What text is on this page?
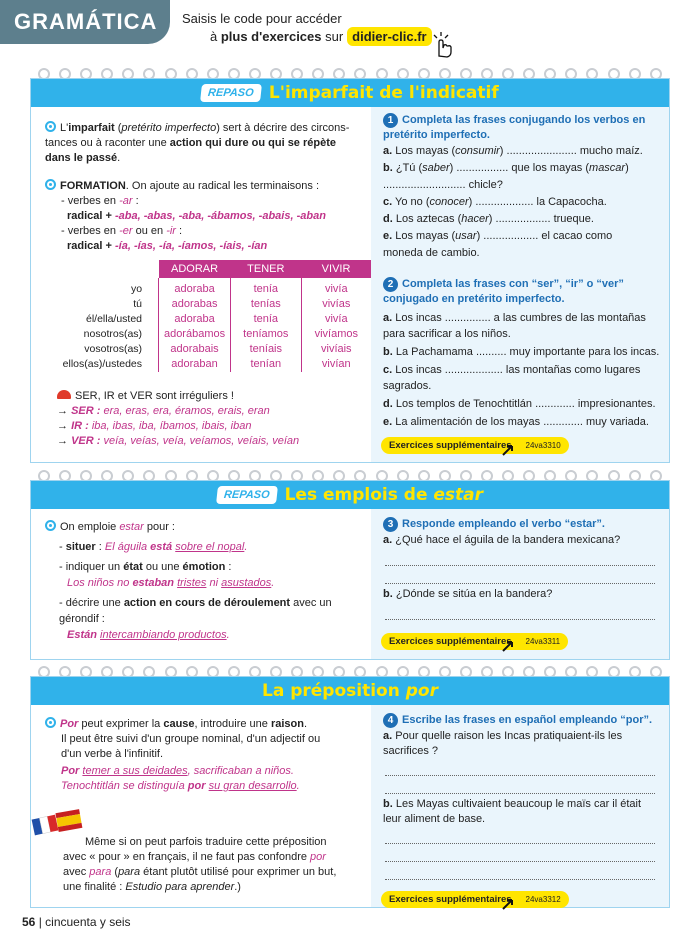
GRAMÁTICA Saisis le code pour accéder
à plus d'exercices sur didier-clic.fr
REPASO L'imparfait de l'indicatif
L'imparfait (pretérito imperfecto) sert à décrire des circons-tances ou à raconter une action qui dure ou qui se répète dans le passé.
FORMATION. On ajoute au radical les terminaisons :
- verbes en -ar :
radical + -aba, -abas, -aba, -ábamos, -abais, -aban
- verbes en -er ou en -ir :
radical + -ía, -ías, -ía, -íamos, -íais, -ían
	ADORAR	TENER	VIVIR
yo	adoraba	tenía	vivía
tú	adorabas	tenías	vivías
él/ella/usted	adoraba	tenía	vivía
nosotros(as)	adorábamos	teníamos	vivíamos
vosotros(as)	adorabais	teníais	vivíais
ellos(as)/ustedes	adoraban	tenían	vivían
SER, IR et VER sont irréguliers !
→ SER : era, eras, era, éramos, erais, eran
→ IR : iba, ibas, iba, íbamos, ibais, iban
→ VER : veía, veías, veía, veíamos, veíais, veían
1 Completa las frases conjugando los verbos en pretérito imperfecto.
a. Los mayas (consumir) ....................... mucho maíz.
b. ¿Tú (saber) ................. que los mayas (mascar)
........................... chicle?
c. Yo no (conocer) ................... la Capacocha.
d. Los aztecas (hacer) .................. trueque.
e. Los mayas (usar) .................. el cacao como
moneda de cambio.
2 Completa las frases con “ser”, “ir” o “ver” conjugado en pretérito imperfecto.
a. Los incas ............... a las cumbres de las montañas para sacrificar a los niños.
b. La Pachamama .......... muy importante para los incas.
c. Los incas ................... las montañas como lugares sagrados.
d. Los templos de Tenochtitlán ............. impresionantes.
e. La alimentación de los mayas ............. muy variada.
Exercices supplémentaires 24va3310
REPASO Les emplois de estar
On emploie estar pour :
- situer : El águila está sobre el nopal.
- indiquer un état ou une émotion :
Los niños no estaban tristes ni asustados.
- décrire une action en cours de déroulement avec un gérondif :
Están intercambiando productos.
3 Responde empleando el verbo “estar”.
a. ¿Qué hace el águila de la bandera mexicana?
b. ¿Dónde se sitúa en la bandera?
Exercices supplémentaires 24va3311
La préposition por
Por peut exprimer la cause, introduire une raison.
Il peut être suivi d'un groupe nominal, d'un adjectif ou d'un verbe à l'infinitif.
Por temer a sus deidades, sacrificaban a niños.
Tenochtitlán se distinguía por su gran desarrollo.
Même si on peut parfois traduire cette préposition
avec « pour » en français, il ne faut pas confondre por
avec para (para étant plutôt utilisé pour exprimer un but,
une finalité : Estudio para aprender.)
4 Escribe las frases en español empleando “por”.
a. Pour quelle raison les Incas pratiquaient-ils les sacrifices ?
b. Les Mayas cultivaient beaucoup le maïs car il était leur aliment de base.
Exercices supplémentaires 24va3312
56 | cincuenta y seis
